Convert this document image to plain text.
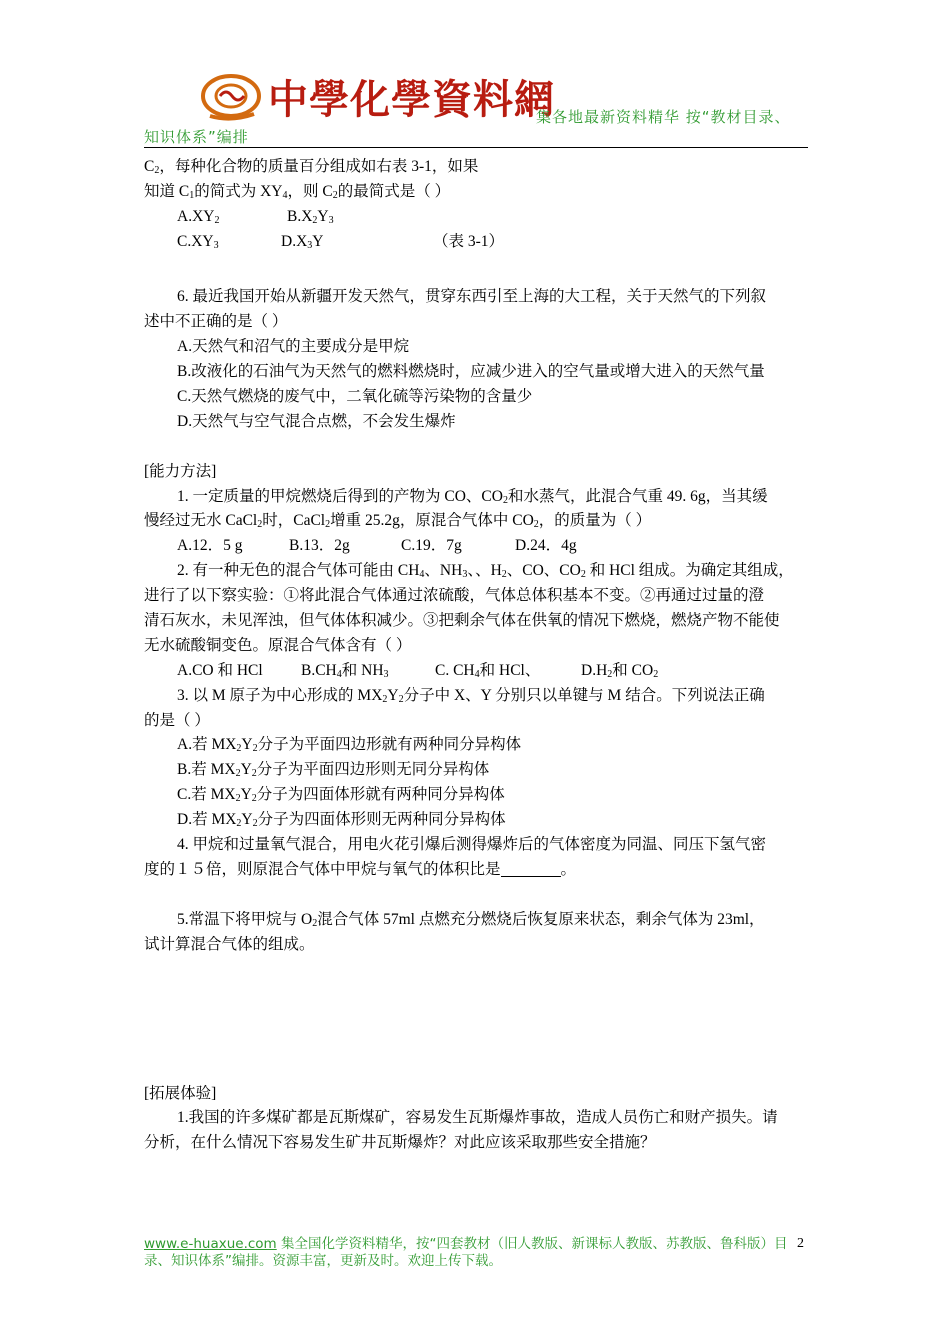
中學化學資料網
集各地最新资料精华 按“教材目录、
知识体系”编排
$C_2$，每种化合物的质量百分组成如右表 3-1，如果
知道 $C_1$的简式为 $XY_4$，则 $C_2$的最简式是（ ）
$A.XY_2$	$B.X_2Y_3$
$C.XY_3$	$D.X_3Y$	（表 3-1）
6. 最近我国开始从新疆开发天然气，贯穿东西引至上海的大工程，关于天然气的下列叙
述中不正确的是（ ）
A.天然气和沼气的主要成分是甲烷
B.改液化的石油气为天然气的燃料燃烧时，应减少进入的空气量或增大进入的天然气量
C.天然气燃烧的废气中，二氧化硫等污染物的含量少
D.天然气与空气混合点燃，不会发生爆炸
[能力方法]
1. 一定质量的甲烷燃烧后得到的产物为 CO、$CO_2$和水蒸气，此混合气重 49. 6g，当其缓
慢经过无水 CaCl$_2$时，CaCl$_2$增重 25.2g，原混合气体中 $CO_2$，的质量为（ ）
A.12．5 g	B.13．2g	C.19．7g	D.24．4g
2. 有一种无色的混合气体可能由 $CH_4$、$NH_3$、、$H_2$、CO、$CO_2$ 和 HCl 组成。为确定其组成，
进行了以下察实验：①将此混合气体通过浓硫酸，气体总体积基本不变。②再通过过量的澄
清石灰水，未见浑浊，但气体体积减少。③把剩余气体在供氧的情况下燃烧，燃烧产物不能使
无水硫酸铜变色。原混合气体含有（ ）
A.CO 和 HCl $B.CH_4$和 $NH_3$	C. $CH_4$和 HCl、	$D.H_2$和 $CO_2$
3. 以 M 原子为中心形成的 $MX_2Y_2$分子中 X、Y 分别只以单键与 M 结合。下列说法正确
的是（ ）
A.若 $MX_2Y_2$分子为平面四边形就有两种同分异构体
B.若 $MX_2Y_2$分子为平面四边形则无同分异构体
C.若 $MX_2Y_2$分子为四面体形就有两种同分异构体
D.若 $MX_2Y_2$分子为四面体形则无两种同分异构体
4. 甲烷和过量氧气混合，用电火花引爆后测得爆炸后的气体密度为同温、同压下氢气密
度的１５倍，则原混合气体中甲烷与氧气的体积比是	。
5.常温下将甲烷与 $O_2$混合气体 57ml 点燃充分燃烧后恢复原来状态，剩余气体为 23ml，
试计算混合气体的组成。
[拓展体验]
1.我国的许多煤矿都是瓦斯煤矿，容易发生瓦斯爆炸事故，造成人员伤亡和财产损失。请
分析，在什么情况下容易发生矿井瓦斯爆炸？对此应该采取那些安全措施？
www.e-huaxue.com 集全国化学资料精华，按“四套教材（旧人教版、新课标人教版、苏教版、鲁科版）目
录、知识体系”编排。资源丰富，更新及时。欢迎上传下载。
2
